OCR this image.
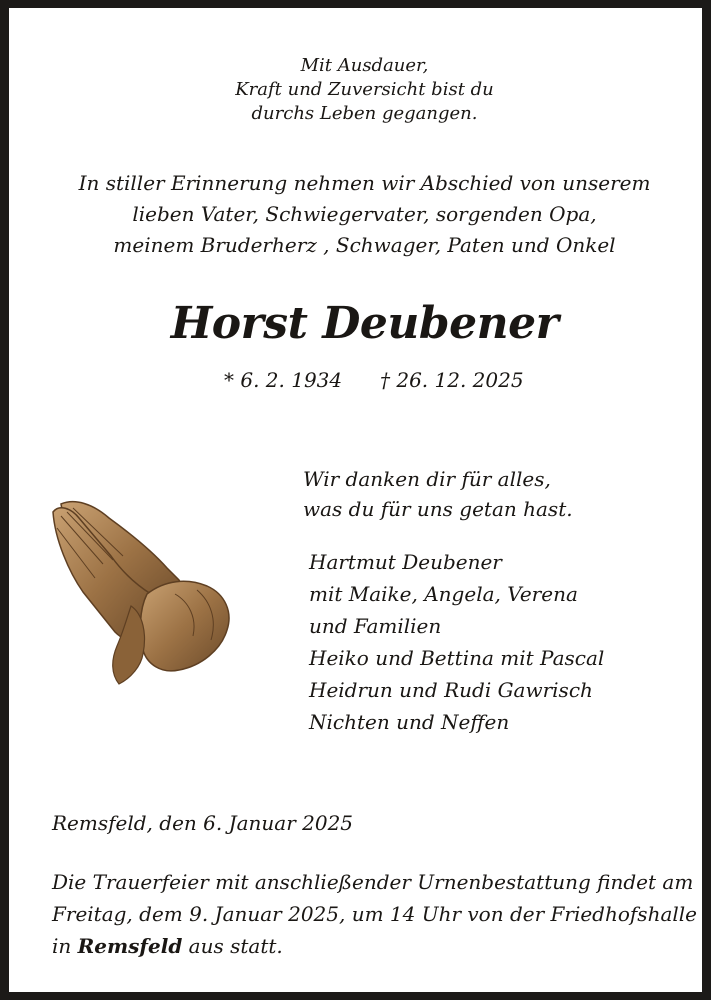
Mit Ausdauer,
Kraft und Zuversicht bist du
durchs Leben gegangen.
In stiller Erinnerung nehmen wir Abschied von unserem
lieben Vater, Schwiegervater, sorgenden Opa,
meinem Bruderherz , Schwager, Paten und Onkel
Horst Deubener
* 6. 2. 1934 † 26. 12. 2025
Wir danken dir für alles,
was du für uns getan hast.
Hartmut Deubener
mit Maike, Angela, Verena
und Familien
Heiko und Bettina mit Pascal
Heidrun und Rudi Gawrisch
Nichten und Neffen
Remsfeld, den 6. Januar 2025
Die Trauerfeier mit anschließender Urnenbestattung findet am
Freitag, dem 9. Januar 2025, um 14 Uhr von der Friedhofshalle
in Remsfeld aus statt.
